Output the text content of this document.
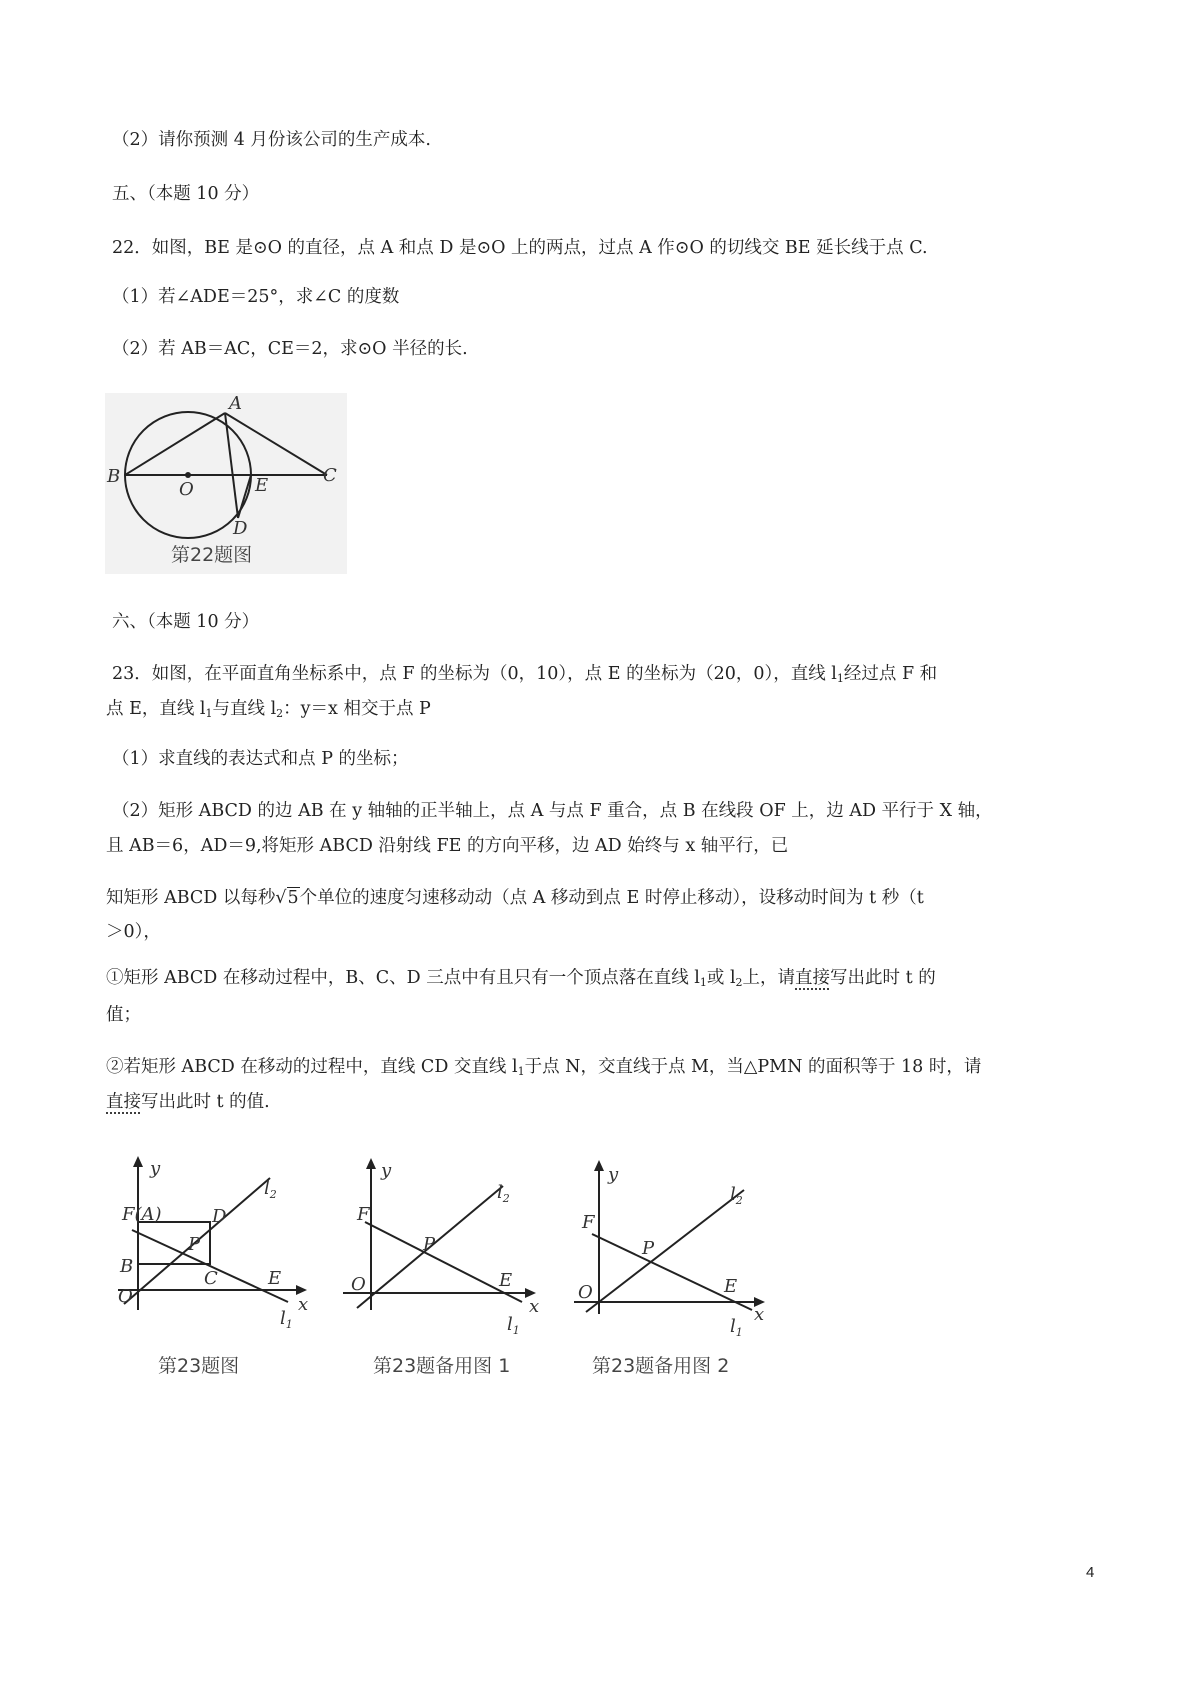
（2）请你预测 4 月份该公司的生产成本.
五、（本题 10 分）
22．如图，BE 是⊙O 的直径，点 A 和点 D 是⊙O 上的两点，过点 A 作⊙O 的切线交 BE 延长线于点 C.
（1）若∠ADE＝25°，求∠C 的度数
（2）若 AB＝AC，CE＝2，求⊙O 半径的长.
A
B
O	E	C
D
第22题图
六、（本题 10 分）
23．如图，在平面直角坐标系中，点 F 的坐标为（0，10），点 E 的坐标为（20，0），直线 $l_1$经过点 F 和
点 E，直线 $l_1$与直线 $l_2$：y＝x 相交于点 P
（1）求直线的表达式和点 P 的坐标；
（2）矩形 ABCD 的边 AB 在 y 轴轴的正半轴上，点 A 与点 F 重合，点 B 在线段 OF 上，边 AD 平行于 X 轴，
且 AB＝6，AD＝9,将矩形 ABCD 沿射线 FE 的方向平移，边 AD 始终与 x 轴平行，已
知矩形 ABCD 以每秒√5个单位的速度匀速移动动（点 A 移动到点 E 时停止移动），设移动时间为 t 秒（t
＞0），
①矩形 ABCD 在移动过程中，B、C、D 三点中有且只有一个顶点落在直线 $l_1$或 $l_2$上，请直接写出此时 t 的
值；
②若矩形 ABCD 在移动的过程中，直线 CD 交直线 $l_1$于点 N，交直线于点 M，当△PMN 的面积等于 18 时，请
直接写出此时 t 的值.
y
x
$l_2$
$l_1$
F(A)	D
P
B
C
O
E
第23题图
y
x
$l_2$
$l_1$
F
P
O	E
第23题备用图 1
y
x
$l_2$
$l_1$
F
P
O	E
第23题备用图 2
4
